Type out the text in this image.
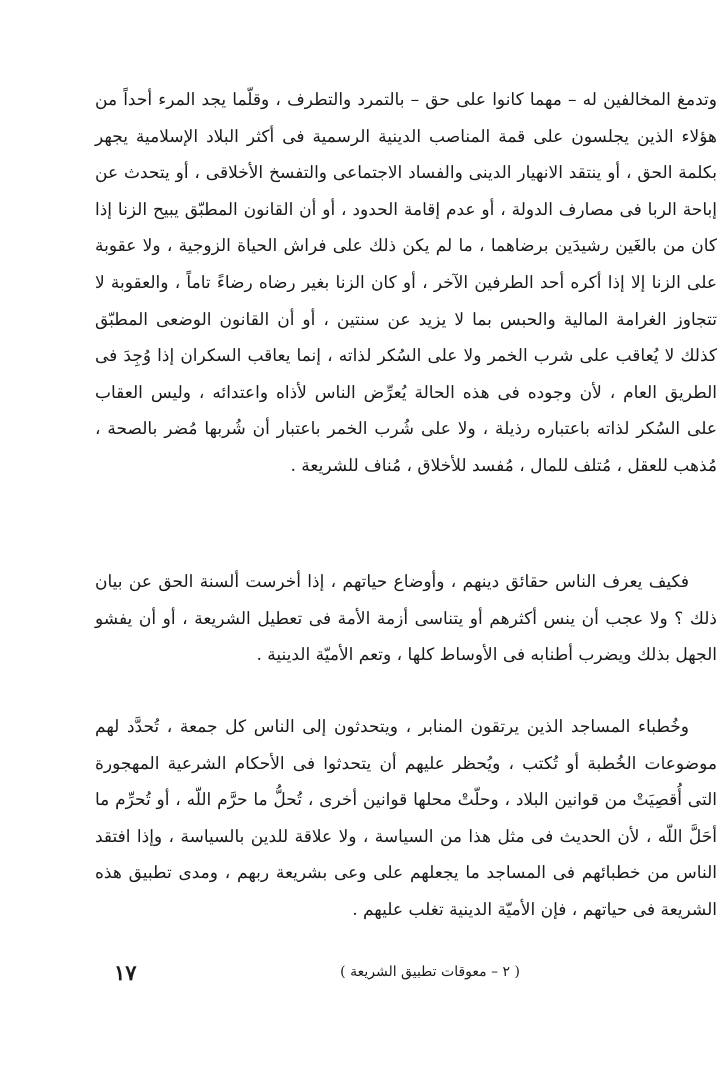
وتدمغ المخالفين له – مهما كانوا على حق – بالتمرد والتطرف ، وقلّما يجد المرء أحداً من هؤلاء الذين يجلسون على قمة المناصب الدينية الرسمية فى أكثر البلاد الإسلامية يجهر بكلمة الحق ، أو ينتقد الانهيار الدينى والفساد الاجتماعى والتفسخ الأخلاقى ، أو يتحدث عن إباحة الربا فى مصارف الدولة ، أو عدم إقامة الحدود ، أو أن القانون المطبّق يبيح الزنا إذا كان من بالغَين رشيدَين برضاهما ، ما لم يكن ذلك على فراش الحياة الزوجية ، ولا عقوبة على الزنا إلا إذا أكره أحد الطرفين الآخر ، أو كان الزنا بغير رضاه رضاءً تاماً ، والعقوبة لا تتجاوز الغرامة المالية والحبس بما لا يزيد عن سنتين ، أو أن القانون الوضعى المطبّق كذلك لا يُعاقب على شرب الخمر ولا على السُكر لذاته ، إنما يعاقب السكران إذا وُجِدَ فى الطريق العام ، لأن وجوده فى هذه الحالة يُعرِّض الناس لأذاه واعتدائه ، وليس العقاب على السُكر لذاته باعتباره رذيلة ، ولا على شُرب الخمر باعتبار أن شُربها مُضر بالصحة ، مُذهب للعقل ، مُتلف للمال ، مُفسد للأخلاق ، مُناف للشريعة .

فكيف يعرف الناس حقائق دينهم ، وأوضاع حياتهم ، إذا أخرست ألسنة الحق عن بيان ذلك ؟ ولا عجب أن ينس أكثرهم أو يتناسى أزمة الأمة فى تعطيل الشريعة ، أو أن يفشو الجهل بذلك ويضرب أطنابه فى الأوساط كلها ، وتعم الأميّة الدينية .

وخُطباء المساجد الذين يرتقون المنابر ، ويتحدثون إلى الناس كل جمعة ، تُحدَّد لهم موضوعات الخُطبة أو تُكتب ، ويُحظر عليهم أن يتحدثوا فى الأحكام الشرعية المهجورة التى أُقصِيَتْ من قوانين البلاد ، وحلّتْ محلها قوانين أخرى ، تُحلُّ ما حرَّم اللّه ، أو تُحرِّم ما أحَلَّ اللّه ، لأن الحديث فى مثل هذا من السياسة ، ولا علاقة للدين بالسياسة ، وإذا افتقد الناس من خطبائهم فى المساجد ما يجعلهم على وعى بشريعة ربهم ، ومدى تطبيق هذه الشريعة فى حياتهم ، فإن الأميّة الدينية تغلب عليهم .

١٧	( ٢ – معوقات تطبيق الشريعة )
